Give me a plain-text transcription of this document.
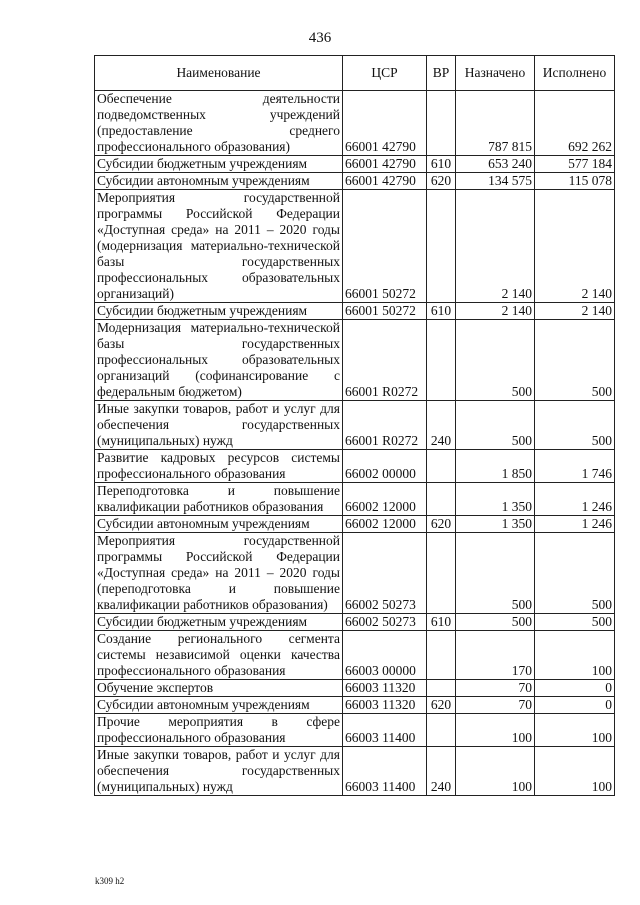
436
Наименование	ЦСР	ВР	Назначено	Исполнено
Обеспечение деятельности подведомственных учреждений (предоставление среднего профессионального образования)	66001 42790		787 815	692 262
Субсидии бюджетным учреждениям	66001 42790	610	653 240	577 184
Субсидии автономным учреждениям	66001 42790	620	134 575	115 078
Мероприятия государственной программы Российской Федерации «Доступная среда» на 2011 – 2020 годы (модернизация материально-технической базы государственных профессиональных образовательных организаций)	66001 50272		2 140	2 140
Субсидии бюджетным учреждениям	66001 50272	610	2 140	2 140
Модернизация материально-технической базы государственных профессиональных образовательных организаций (софинансирование с федеральным бюджетом)	66001 R0272		500	500
Иные закупки товаров, работ и услуг для обеспечения государственных (муниципальных) нужд	66001 R0272	240	500	500
Развитие кадровых ресурсов системы профессионального образования	66002 00000		1 850	1 746
Переподготовка и повышение квалификации работников образования	66002 12000		1 350	1 246
Субсидии автономным учреждениям	66002 12000	620	1 350	1 246
Мероприятия государственной программы Российской Федерации «Доступная среда» на 2011 – 2020 годы (переподготовка и повышение квалификации работников образования)	66002 50273		500	500
Субсидии бюджетным учреждениям	66002 50273	610	500	500
Создание регионального сегмента системы независимой оценки качества профессионального образования	66003 00000		170	100
Обучение экспертов	66003 11320		70	0
Субсидии автономным учреждениям	66003 11320	620	70	0
Прочие мероприятия в сфере профессионального образования	66003 11400		100	100
Иные закупки товаров, работ и услуг для обеспечения государственных (муниципальных) нужд	66003 11400	240	100	100
k309 h2
